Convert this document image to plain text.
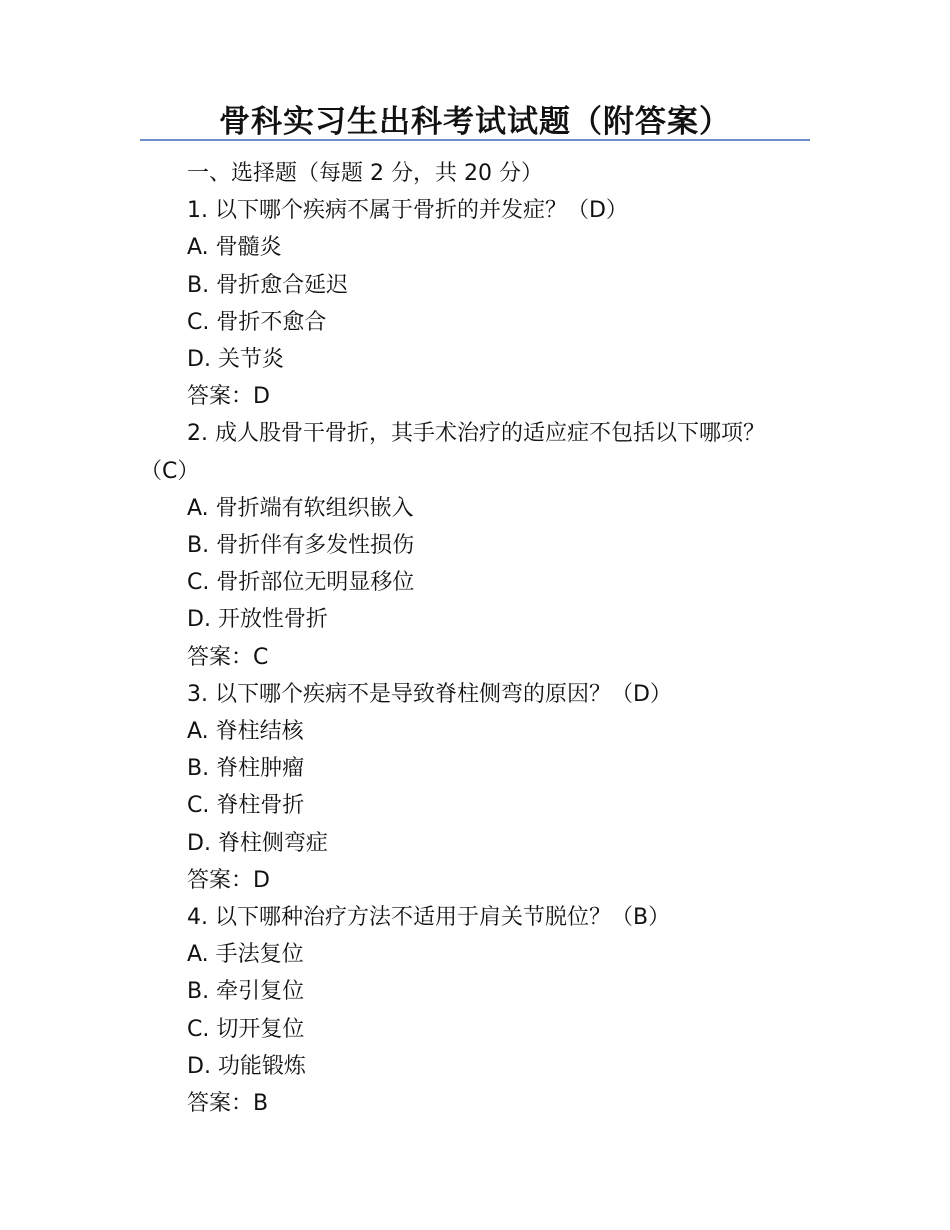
骨科实习生出科考试试题（附答案）
一、选择题（每题 2 分，共 20 分）
1. 以下哪个疾病不属于骨折的并发症？（D）
A. 骨髓炎
B. 骨折愈合延迟
C. 骨折不愈合
D. 关节炎
答案：D
2. 成人股骨干骨折，其手术治疗的适应症不包括以下哪项？（C）
A. 骨折端有软组织嵌入
B. 骨折伴有多发性损伤
C. 骨折部位无明显移位
D. 开放性骨折
答案：C
3. 以下哪个疾病不是导致脊柱侧弯的原因？（D）
A. 脊柱结核
B. 脊柱肿瘤
C. 脊柱骨折
D. 脊柱侧弯症
答案：D
4. 以下哪种治疗方法不适用于肩关节脱位？（B）
A. 手法复位
B. 牵引复位
C. 切开复位
D. 功能锻炼
答案：B
